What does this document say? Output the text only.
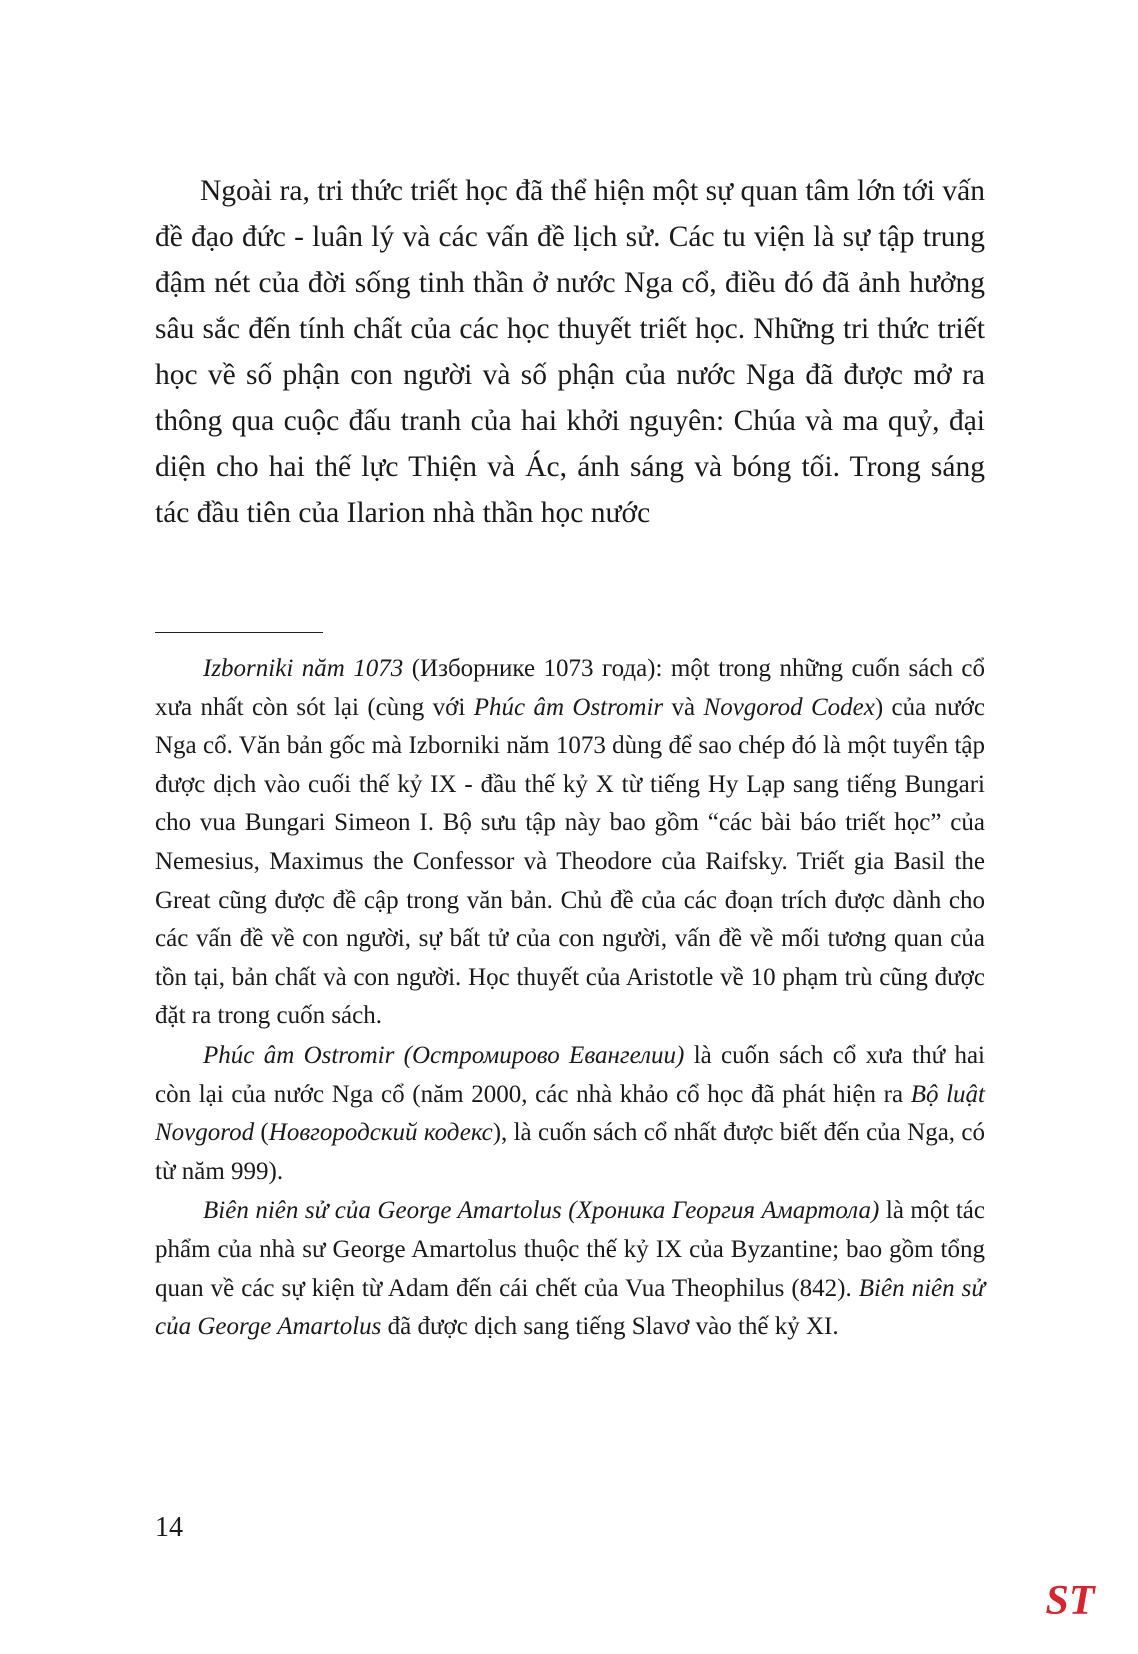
Ngoài ra, tri thức triết học đã thể hiện một sự quan tâm lớn tới vấn đề đạo đức - luân lý và các vấn đề lịch sử. Các tu viện là sự tập trung đậm nét của đời sống tinh thần ở nước Nga cổ, điều đó đã ảnh hưởng sâu sắc đến tính chất của các học thuyết triết học. Những tri thức triết học về số phận con người và số phận của nước Nga đã được mở ra thông qua cuộc đấu tranh của hai khởi nguyên: Chúa và ma quỷ, đại diện cho hai thế lực Thiện và Ác, ánh sáng và bóng tối. Trong sáng tác đầu tiên của Ilarion nhà thần học nước

Izborniki năm 1073 (Изборнике 1073 года): một trong những cuốn sách cổ xưa nhất còn sót lại (cùng với Phúc âm Ostromir và Novgorod Codex) của nước Nga cổ. Văn bản gốc mà Izborniki năm 1073 dùng để sao chép đó là một tuyển tập được dịch vào cuối thế kỷ IX - đầu thế kỷ X từ tiếng Hy Lạp sang tiếng Bungari cho vua Bungari Simeon I. Bộ sưu tập này bao gồm “các bài báo triết học” của Nemesius, Maximus the Confessor và Theodore của Raifsky. Triết gia Basil the Great cũng được đề cập trong văn bản. Chủ đề của các đoạn trích được dành cho các vấn đề về con người, sự bất tử của con người, vấn đề về mối tương quan của tồn tại, bản chất và con người. Học thuyết của Aristotle về 10 phạm trù cũng được đặt ra trong cuốn sách.

Phúc âm Ostromir (Остромирово Евангелии) là cuốn sách cổ xưa thứ hai còn lại của nước Nga cổ (năm 2000, các nhà khảo cổ học đã phát hiện ra Bộ luật Novgorod (Новгородский кодекс), là cuốn sách cổ nhất được biết đến của Nga, có từ năm 999).

Biên niên sử của George Amartolus (Хроника Георгия Амартола) là một tác phẩm của nhà sư George Amartolus thuộc thế kỷ IX của Byzantine; bao gồm tổng quan về các sự kiện từ Adam đến cái chết của Vua Theophilus (842). Biên niên sử của George Amartolus đã được dịch sang tiếng Slavơ vào thế kỷ XI.

14
ST
